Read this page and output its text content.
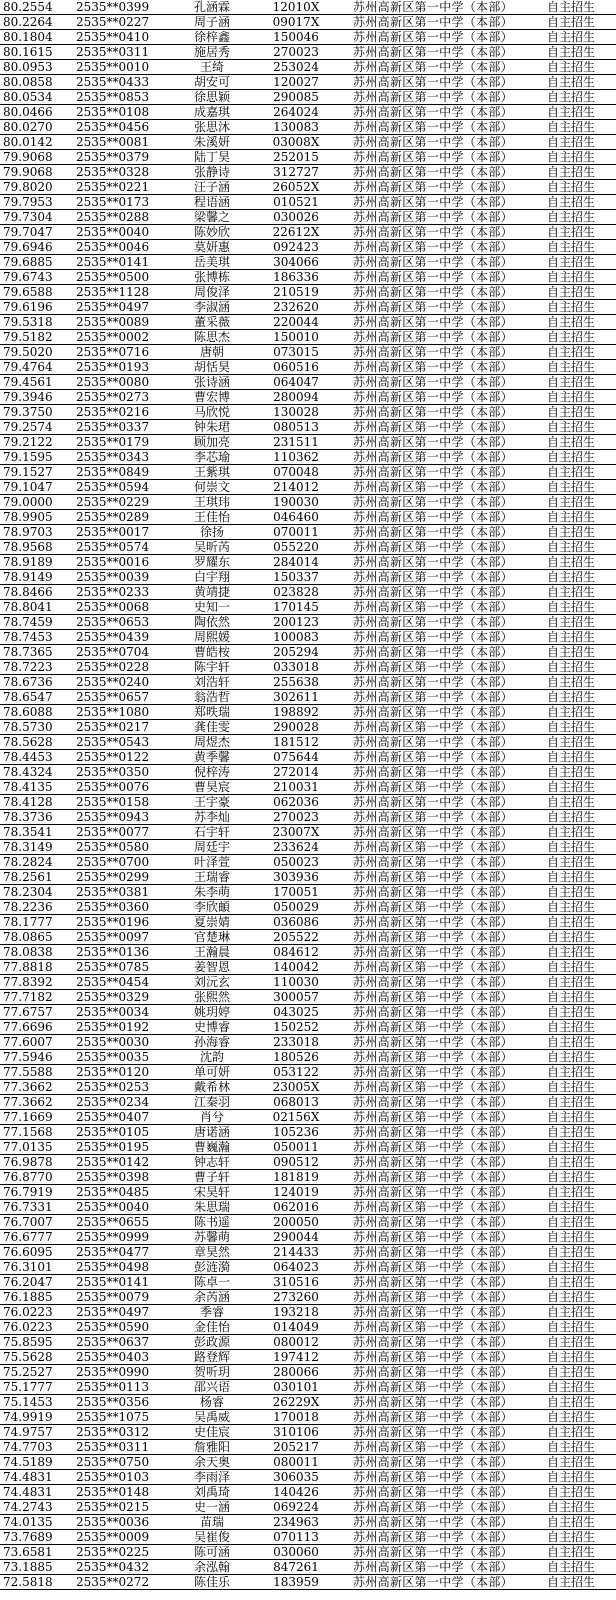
80.2554	2535**0399	孔涵霖	12010X	苏州高新区第一中学（本部）	自主招生
80.2264	2535**0227	周子涵	09017X	苏州高新区第一中学（本部）	自主招生
80.1804	2535**0410	徐梓鑫	150046	苏州高新区第一中学（本部）	自主招生
80.1615	2535**0311	施居秀	270023	苏州高新区第一中学（本部）	自主招生
80.0953	2535**0010	王绮	253024	苏州高新区第一中学（本部）	自主招生
80.0858	2535**0433	胡安可	120027	苏州高新区第一中学（本部）	自主招生
80.0534	2535**0853	徐思颖	290085	苏州高新区第一中学（本部）	自主招生
80.0466	2535**0108	成嘉琪	264024	苏州高新区第一中学（本部）	自主招生
80.0270	2535**0456	张思沐	130083	苏州高新区第一中学（本部）	自主招生
80.0142	2535**0081	朱溪妍	03008X	苏州高新区第一中学（本部）	自主招生
79.9068	2535**0379	陆丁昊	252015	苏州高新区第一中学（本部）	自主招生
79.9068	2535**0328	张静诗	312727	苏州高新区第一中学（本部）	自主招生
79.8020	2535**0221	汪子涵	26052X	苏州高新区第一中学（本部）	自主招生
79.7953	2535**0173	程语涵	010521	苏州高新区第一中学（本部）	自主招生
79.7304	2535**0288	梁馨之	030026	苏州高新区第一中学（本部）	自主招生
79.7047	2535**0040	陈妙欣	22612X	苏州高新区第一中学（本部）	自主招生
79.6946	2535**0046	莫妍惠	092423	苏州高新区第一中学（本部）	自主招生
79.6885	2535**0141	岳美琪	304066	苏州高新区第一中学（本部）	自主招生
79.6743	2535**0500	张博栋	186336	苏州高新区第一中学（本部）	自主招生
79.6588	2535**1128	周俊泽	210519	苏州高新区第一中学（本部）	自主招生
79.6196	2535**0497	李淑涵	232620	苏州高新区第一中学（本部）	自主招生
79.5318	2535**0089	董采薇	220044	苏州高新区第一中学（本部）	自主招生
79.5182	2535**0002	陈思杰	150010	苏州高新区第一中学（本部）	自主招生
79.5020	2535**0716	唐朝	073015	苏州高新区第一中学（本部）	自主招生
79.4764	2535**0193	胡恬昊	060516	苏州高新区第一中学（本部）	自主招生
79.4561	2535**0080	张诗涵	064047	苏州高新区第一中学（本部）	自主招生
79.3946	2535**0273	曹宏博	280094	苏州高新区第一中学（本部）	自主招生
79.3750	2535**0216	马欣悦	130028	苏州高新区第一中学（本部）	自主招生
79.2574	2535**0337	钟朱珺	080513	苏州高新区第一中学（本部）	自主招生
79.2122	2535**0179	顾加亮	231511	苏州高新区第一中学（本部）	自主招生
79.1595	2535**0343	李芯瑜	110362	苏州高新区第一中学（本部）	自主招生
79.1527	2535**0849	王紫琪	070048	苏州高新区第一中学（本部）	自主招生
79.1047	2535**0594	何崇文	214012	苏州高新区第一中学（本部）	自主招生
79.0000	2535**0229	王琪玮	190030	苏州高新区第一中学（本部）	自主招生
78.9905	2535**0289	王佳怡	046460	苏州高新区第一中学（本部）	自主招生
78.9703	2535**0017	徐扬	070011	苏州高新区第一中学（本部）	自主招生
78.9568	2535**0574	吴昕芮	055220	苏州高新区第一中学（本部）	自主招生
78.9189	2535**0016	罗耀东	284014	苏州高新区第一中学（本部）	自主招生
78.9149	2535**0039	白宇翔	150337	苏州高新区第一中学（本部）	自主招生
78.8466	2535**0233	黄靖捷	023828	苏州高新区第一中学（本部）	自主招生
78.8041	2535**0068	史知一	170145	苏州高新区第一中学（本部）	自主招生
78.7459	2535**0653	陶依然	200123	苏州高新区第一中学（本部）	自主招生
78.7453	2535**0439	周熙媛	100083	苏州高新区第一中学（本部）	自主招生
78.7365	2535**0704	曹皓桉	205294	苏州高新区第一中学（本部）	自主招生
78.7223	2535**0228	陈宇轩	033018	苏州高新区第一中学（本部）	自主招生
78.6736	2535**0240	刘浩轩	255638	苏州高新区第一中学（本部）	自主招生
78.6547	2535**0657	翁浩哲	302611	苏州高新区第一中学（本部）	自主招生
78.6088	2535**1080	郑昳瑞	198892	苏州高新区第一中学（本部）	自主招生
78.5730	2535**0217	龚佳雯	290028	苏州高新区第一中学（本部）	自主招生
78.5628	2535**0543	周煜杰	181512	苏州高新区第一中学（本部）	自主招生
78.4453	2535**0122	黄季馨	075644	苏州高新区第一中学（本部）	自主招生
78.4324	2535**0350	倪梓涛	272014	苏州高新区第一中学（本部）	自主招生
78.4135	2535**0076	曹昊宸	210031	苏州高新区第一中学（本部）	自主招生
78.4128	2535**0158	王宇豪	062036	苏州高新区第一中学（本部）	自主招生
78.3736	2535**0943	苏李灿	270023	苏州高新区第一中学（本部）	自主招生
78.3541	2535**0077	石宇轩	23007X	苏州高新区第一中学（本部）	自主招生
78.3149	2535**0580	周廷宇	233624	苏州高新区第一中学（本部）	自主招生
78.2824	2535**0700	叶泽萱	050023	苏州高新区第一中学（本部）	自主招生
78.2561	2535**0299	王瑞睿	303936	苏州高新区第一中学（本部）	自主招生
78.2304	2535**0381	朱李萌	170051	苏州高新区第一中学（本部）	自主招生
78.2236	2535**0360	李欣頔	050029	苏州高新区第一中学（本部）	自主招生
78.1777	2535**0196	夏崇婧	036086	苏州高新区第一中学（本部）	自主招生
78.0865	2535**0097	官楚琳	205522	苏州高新区第一中学（本部）	自主招生
78.0838	2535**0136	王瀚晨	084612	苏州高新区第一中学（本部）	自主招生
77.8818	2535**0785	姜智恩	140042	苏州高新区第一中学（本部）	自主招生
77.8392	2535**0454	刘沅玄	110030	苏州高新区第一中学（本部）	自主招生
77.7182	2535**0329	张熙然	300057	苏州高新区第一中学（本部）	自主招生
77.6757	2535**0034	姚玥婷	043025	苏州高新区第一中学（本部）	自主招生
77.6696	2535**0192	史博睿	150252	苏州高新区第一中学（本部）	自主招生
77.6007	2535**0030	孙海睿	233018	苏州高新区第一中学（本部）	自主招生
77.5946	2535**0035	沈韵	180526	苏州高新区第一中学（本部）	自主招生
77.5588	2535**0120	单可妍	053122	苏州高新区第一中学（本部）	自主招生
77.3662	2535**0253	戴希林	23005X	苏州高新区第一中学（本部）	自主招生
77.3662	2535**0234	江秦羽	068013	苏州高新区第一中学（本部）	自主招生
77.1669	2535**0407	肖兮	02156X	苏州高新区第一中学（本部）	自主招生
77.1568	2535**0105	唐诺涵	105236	苏州高新区第一中学（本部）	自主招生
77.0135	2535**0195	曹巍瀚	050011	苏州高新区第一中学（本部）	自主招生
76.9878	2535**0142	钟志轩	090512	苏州高新区第一中学（本部）	自主招生
76.8770	2535**0398	曹子轩	181819	苏州高新区第一中学（本部）	自主招生
76.7919	2535**0485	宋昊轩	124019	苏州高新区第一中学（本部）	自主招生
76.7331	2535**0040	朱思瑞	062016	苏州高新区第一中学（本部）	自主招生
76.7007	2535**0655	陈书遥	200050	苏州高新区第一中学（本部）	自主招生
76.6777	2535**0999	苏馨萌	290044	苏州高新区第一中学（本部）	自主招生
76.6095	2535**0477	章昊然	214433	苏州高新区第一中学（本部）	自主招生
76.3101	2535**0498	彭涟漪	064023	苏州高新区第一中学（本部）	自主招生
76.2047	2535**0141	陈卓一	310516	苏州高新区第一中学（本部）	自主招生
76.1885	2535**0079	余芮涵	273260	苏州高新区第一中学（本部）	自主招生
76.0223	2535**0497	季睿	193218	苏州高新区第一中学（本部）	自主招生
76.0223	2535**0590	金佳怡	014049	苏州高新区第一中学（本部）	自主招生
75.8595	2535**0637	彭政源	080012	苏州高新区第一中学（本部）	自主招生
75.5628	2535**0403	路登辉	197412	苏州高新区第一中学（本部）	自主招生
75.2527	2535**0990	贺听玥	280066	苏州高新区第一中学（本部）	自主招生
75.1777	2535**0113	邵兴语	030101	苏州高新区第一中学（本部）	自主招生
75.1453	2535**0356	杨睿	26229X	苏州高新区第一中学（本部）	自主招生
74.9919	2535**1075	吴禹威	170018	苏州高新区第一中学（本部）	自主招生
74.9757	2535**0312	史佳宸	310106	苏州高新区第一中学（本部）	自主招生
74.7703	2535**0311	詹雅阳	205217	苏州高新区第一中学（本部）	自主招生
74.5189	2535**0750	余天奥	080011	苏州高新区第一中学（本部）	自主招生
74.4831	2535**0103	李雨泽	306035	苏州高新区第一中学（本部）	自主招生
74.4831	2535**0148	刘禹琦	140426	苏州高新区第一中学（本部）	自主招生
74.2743	2535**0215	史一涵	069224	苏州高新区第一中学（本部）	自主招生
74.0135	2535**0036	苗瑞	234963	苏州高新区第一中学（本部）	自主招生
73.7689	2535**0009	吴崔俊	070113	苏州高新区第一中学（本部）	自主招生
73.6581	2535**0225	陈可涵	030060	苏州高新区第一中学（本部）	自主招生
73.1885	2535**0432	余泓翰	847261	苏州高新区第一中学（本部）	自主招生
72.5818	2535**0272	陈佳乐	183959	苏州高新区第一中学（本部）	自主招生
